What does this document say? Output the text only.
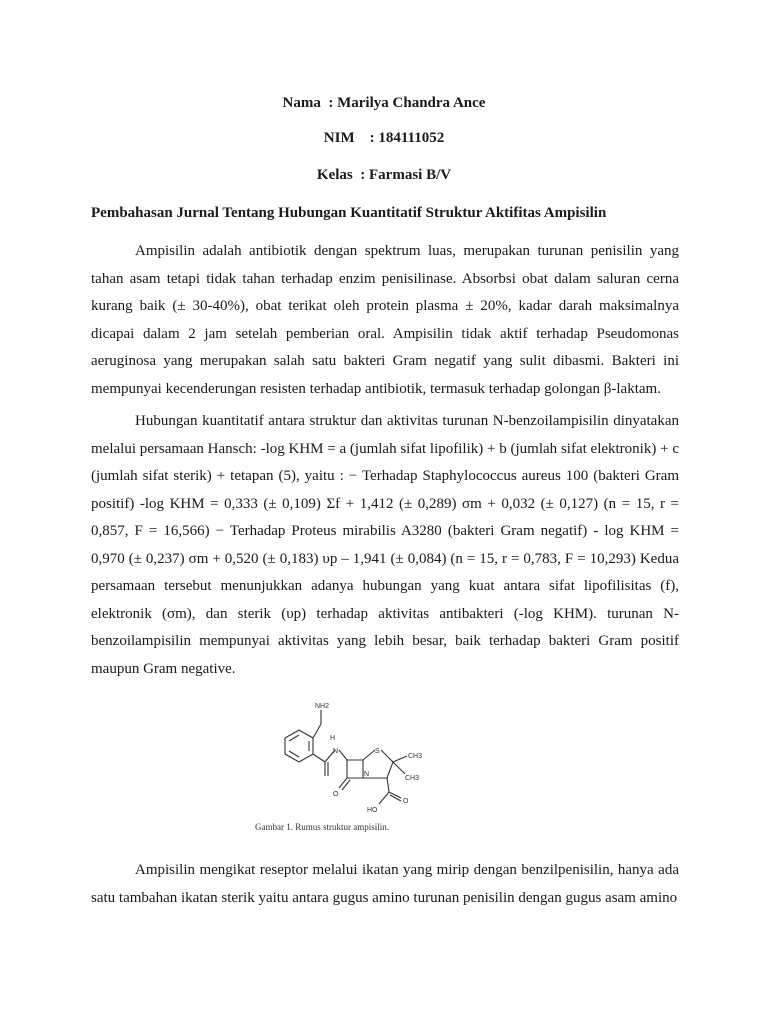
Nama  : Marilya Chandra Ance
NIM    : 184111052
Kelas  : Farmasi B/V
Pembahasan Jurnal Tentang Hubungan Kuantitatif Struktur Aktifitas Ampisilin

Ampisilin adalah antibiotik dengan spektrum luas, merupakan turunan penisilin yang tahan asam tetapi tidak tahan terhadap enzim penisilinase. Absorbsi obat dalam saluran cerna kurang baik (± 30-40%), obat terikat oleh protein plasma ± 20%, kadar darah maksimalnya dicapai dalam 2 jam setelah pemberian oral. Ampisilin tidak aktif terhadap Pseudomonas aeruginosa yang merupakan salah satu bakteri Gram negatif yang sulit dibasmi. Bakteri ini mempunyai kecenderungan resisten terhadap antibiotik, termasuk terhadap golongan β-laktam.

Hubungan kuantitatif antara struktur dan aktivitas turunan N-benzoilampisilin dinyatakan melalui persamaan Hansch: -log KHM = a (jumlah sifat lipofilik) + b (jumlah sifat elektronik) + c (jumlah sifat sterik) + tetapan (5), yaitu : − Terhadap Staphylococcus aureus 100 (bakteri Gram positif) -log KHM = 0,333 (± 0,109) Σf + 1,412 (± 0,289) σm + 0,032 (± 0,127) (n = 15, r = 0,857, F = 16,566) − Terhadap Proteus mirabilis A3280 (bakteri Gram negatif) - log KHM = 0,970 (± 0,237) σm + 0,520 (± 0,183) υp – 1,941 (± 0,084) (n = 15, r = 0,783, F = 10,293) Kedua persamaan tersebut menunjukkan adanya hubungan yang kuat antara sifat lipofilisitas (f), elektronik (σm), dan sterik (υp) terhadap aktivitas antibakteri (-log KHM). turunan N-benzoilampisilin mempunyai aktivitas yang lebih besar, baik terhadap bakteri Gram positif maupun Gram negative.

NH2
H
N	S
CH3
CH3
N
O
O
HO
Gambar 1. Rumus struktur ampisilin.

Ampisilin mengikat reseptor melalui ikatan yang mirip dengan benzilpenisilin, hanya ada satu tambahan ikatan sterik yaitu antara gugus amino turunan penisilin dengan gugus asam amino
